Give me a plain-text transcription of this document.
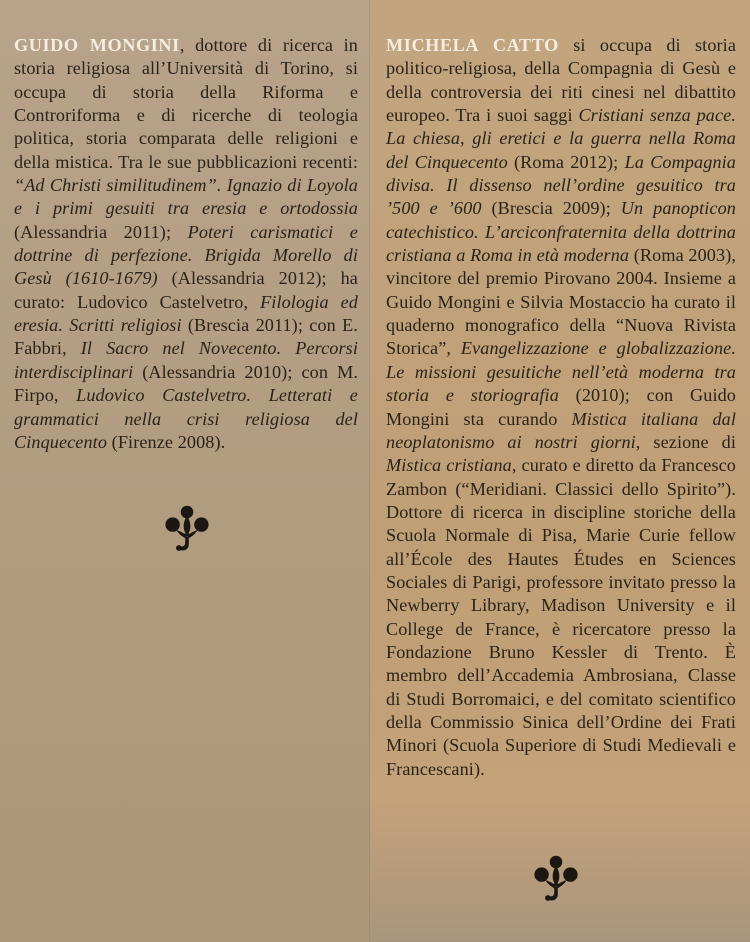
GUIDO MONGINI, dottore di ricerca in storia religiosa all’Università di Torino, si occupa di storia della Riforma e Controriforma e di ricerche di teologia politica, storia comparata delle religioni e della mistica. Tra le sue pubblicazioni recenti: “Ad Christi similitudinem”. Ignazio di Loyola e i primi gesuiti tra eresia e ortodossia (Alessandria 2011); Poteri carismatici e dottrine di perfezione. Brigida Morello di Gesù (1610-1679) (Alessandria 2012); ha curato: Ludovico Castelvetro, Filologia ed eresia. Scritti religiosi (Brescia 2011); con E. Fabbri, Il Sacro nel Novecento. Percorsi interdisciplinari (Alessandria 2010); con M. Firpo, Ludovico Castelvetro. Letterati e grammatici nella crisi religiosa del Cinquecento (Firenze 2008).

MICHELA CATTO si occupa di storia politico-religiosa, della Compagnia di Gesù e della controversia dei riti cinesi nel dibattito europeo. Tra i suoi saggi Cristiani senza pace. La chiesa, gli eretici e la guerra nella Roma del Cinquecento (Roma 2012); La Compagnia divisa. Il dissenso nell’ordine gesuitico tra ’500 e ’600 (Brescia 2009); Un panopticon catechistico. L’arciconfraternita della dottrina cristiana a Roma in età moderna (Roma 2003), vincitore del premio Pirovano 2004. Insieme a Guido Mongini e Silvia Mostaccio ha curato il quaderno monografico della “Nuova Rivista Storica”, Evangelizzazione e globalizzazione. Le missioni gesuitiche nell’età moderna tra storia e storiografia (2010); con Guido Mongini sta curando Mistica italiana dal neoplatonismo ai nostri giorni, sezione di Mistica cristiana, curato e diretto da Francesco Zambon (“Meridiani. Classici dello Spirito”). Dottore di ricerca in discipline storiche della Scuola Normale di Pisa, Marie Curie fellow all’École des Hautes Études en Sciences Sociales di Parigi, professore invitato presso la Newberry Library, Madison University e il College de France, è ricercatore presso la Fondazione Bruno Kessler di Trento. È membro dell’Accademia Ambrosiana, Classe di Studi Borromaici, e del comitato scientifico della Commissio Sinica dell’Ordine dei Frati Minori (Scuola Superiore di Studi Medievali e Francescani).
